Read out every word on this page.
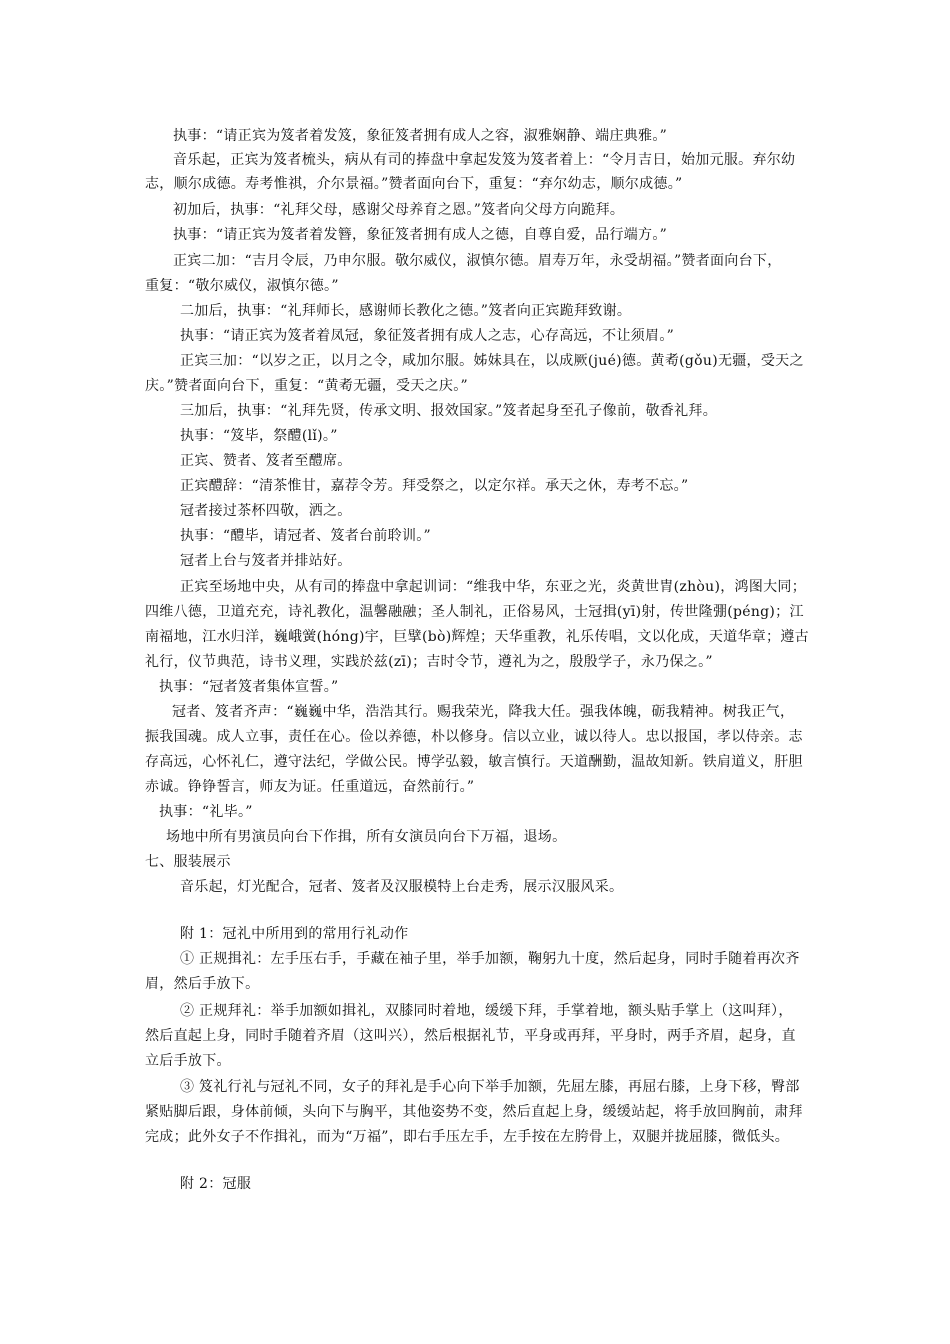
执事：“请正宾为笈者着发笈，象征笈者拥有成人之容，淑雅娴静、端庄典雅。”
音乐起，正宾为笈者梳头，病从有司的捧盘中拿起发笈为笈者着上：“令月吉日，始加元服。弃尔幼
志，顺尔成德。寿考惟祺，介尔景福。”赞者面向台下，重复：“弃尔幼志，顺尔成德。”
初加后，执事：“礼拜父母，感谢父母养育之恩。”笈者向父母方向跪拜。
执事：“请正宾为笈者着发簪，象征笈者拥有成人之德，自尊自爱，品行端方。”
正宾二加：“吉月令辰，乃申尔服。敬尔威仪，淑慎尔德。眉寿万年，永受胡福。”赞者面向台下，
重复：“敬尔威仪，淑慎尔德。”
二加后，执事：“礼拜师长，感谢师长教化之德。”笈者向正宾跪拜致谢。
执事：“请正宾为笈者着凤冠，象征笈者拥有成人之志，心存高远，不让须眉。”
正宾三加：“以岁之正，以月之令，咸加尔服。姊妹具在，以成厥(jué)德。黄耇(gǒu)无疆，受天之
庆。”赞者面向台下，重复：“黄耇无疆，受天之庆。”
三加后，执事：“礼拜先贤，传承文明、报效国家。”笈者起身至孔子像前，敬香礼拜。
执事：“笈毕，祭醴(lǐ)。”
正宾、赞者、笈者至醴席。
正宾醴辞：“清茶惟甘，嘉荐令芳。拜受祭之，以定尔祥。承天之休，寿考不忘。”
冠者接过茶杯四敬，洒之。
执事：“醴毕，请冠者、笈者台前聆训。”
冠者上台与笈者并排站好。
正宾至场地中央，从有司的捧盘中拿起训词：“维我中华，东亚之光，炎黄世胄(zhòu)，鸿图大同；
四维八德，卫道充充，诗礼教化，温馨融融；圣人制礼，正俗易风，士冠揖(yī)射，传世隆弸(péng)；江
南福地，江水归洋，巍峨黉(hóng)宇，巨擘(bò)辉煌；天华重教，礼乐传唱，文以化成，天道华章；遵古
礼行，仪节典范，诗书义理，实践於兹(zī)；吉时令节，遵礼为之，殷殷学子，永乃保之。”
执事：“冠者笈者集体宣誓。”
冠者、笈者齐声：“巍巍中华，浩浩其行。赐我荣光，降我大任。强我体魄，砺我精神。树我正气，
振我国魂。成人立事，责任在心。俭以养德，朴以修身。信以立业，诚以待人。忠以报国，孝以侍亲。志
存高远，心怀礼仁，遵守法纪，学做公民。博学弘毅，敏言慎行。天道酬勤，温故知新。铁肩道义，肝胆
赤诚。铮铮誓言，师友为证。任重道远，奋然前行。”
执事：“礼毕。”
场地中所有男演员向台下作揖，所有女演员向台下万福，退场。
七、服装展示
音乐起，灯光配合，冠者、笈者及汉服模特上台走秀，展示汉服风采。
附 1：冠礼中所用到的常用行礼动作
① 正规揖礼：左手压右手，手藏在袖子里，举手加额，鞠躬九十度，然后起身，同时手随着再次齐
眉，然后手放下。
② 正规拜礼：举手加额如揖礼，双膝同时着地，缓缓下拜，手掌着地，额头贴手掌上（这叫拜），
然后直起上身，同时手随着齐眉（这叫兴），然后根据礼节，平身或再拜，平身时，两手齐眉，起身，直
立后手放下。
③ 笈礼行礼与冠礼不同，女子的拜礼是手心向下举手加额，先屈左膝，再屈右膝，上身下移，臀部
紧贴脚后跟，身体前倾，头向下与胸平，其他姿势不变，然后直起上身，缓缓站起，将手放回胸前，肃拜
完成；此外女子不作揖礼，而为“万福”，即右手压左手，左手按在左胯骨上，双腿并拢屈膝，微低头。
附 2：冠服
